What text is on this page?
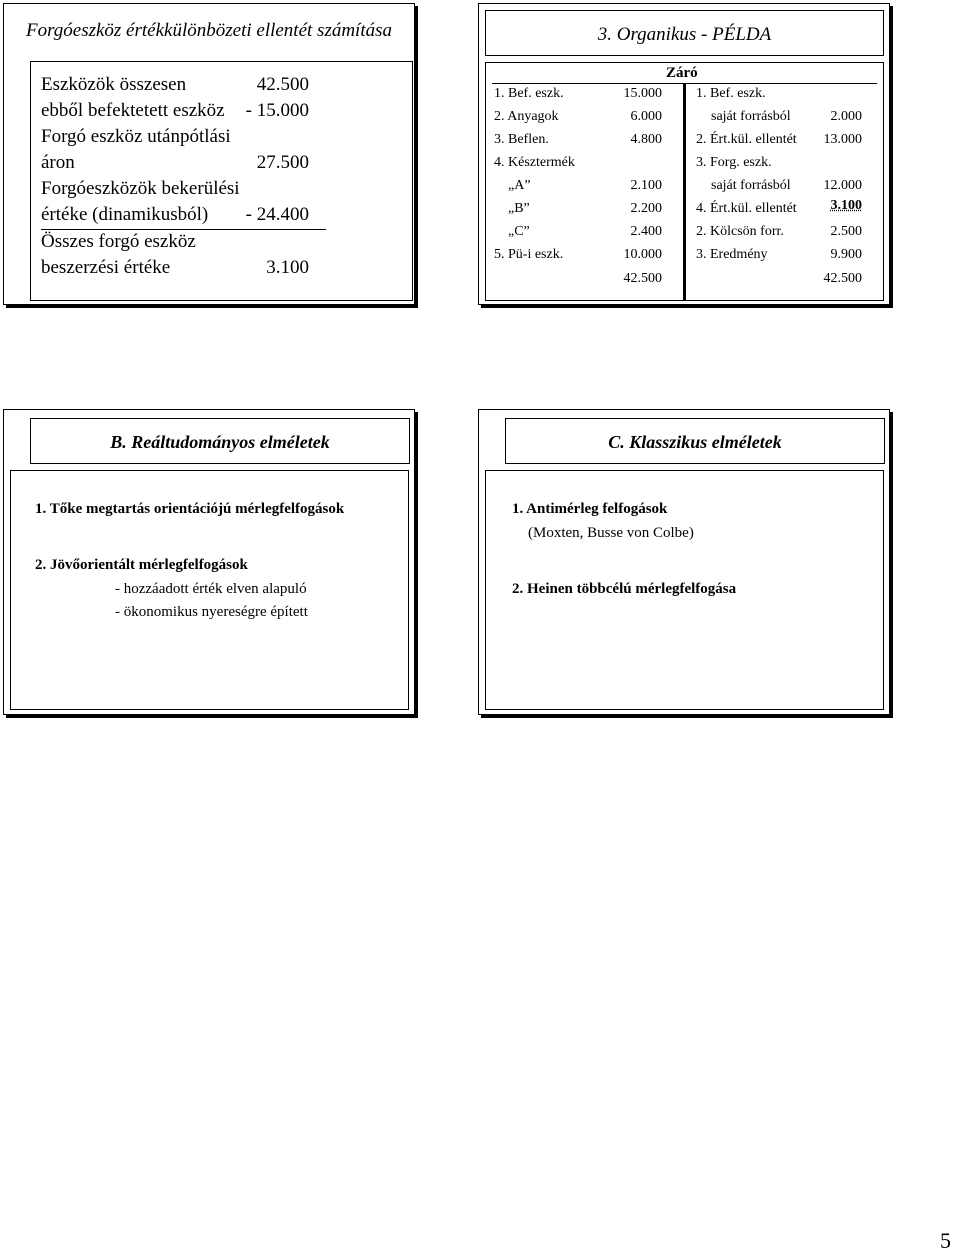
Forgóeszköz értékkülönbözeti ellentét számítása
Eszközök összesen	42.500
ebből befektetett eszköz	- 15.000
Forgó eszköz utánpótlási
áron	27.500
Forgóeszközök bekerülési
értéke (dinamikusból)	- 24.400
Összes forgó eszköz
beszerzési értéke	3.100
3. Organikus - PÉLDA
Záró
1. Bef. eszk.	15.000
2. Anyagok	6.000
3. Beflen.	4.800
4. Késztermék
„A”	2.100
„B”	2.200
„C”	2.400
5. Pü-i eszk.	10.000
42.500
1. Bef. eszk.
saját forrásból	2.000
2. Ért.kül. ellentét	13.000
3. Forg. eszk.
saját forrásból	12.000
4. Ért.kül. ellentét	3.100
2. Kölcsön forr.	2.500
3. Eredmény	9.900
42.500
B. Reáltudományos elméletek
1. Tőke megtartás orientációjú mérlegfelfogások
2. Jövőorientált mérlegfelfogások
- hozzáadott érték elven alapuló
- ökonomikus nyereségre épített
C. Klasszikus elméletek
1. Antimérleg felfogások
(Moxten, Busse von Colbe)
2. Heinen többcélú mérlegfelfogása
5
